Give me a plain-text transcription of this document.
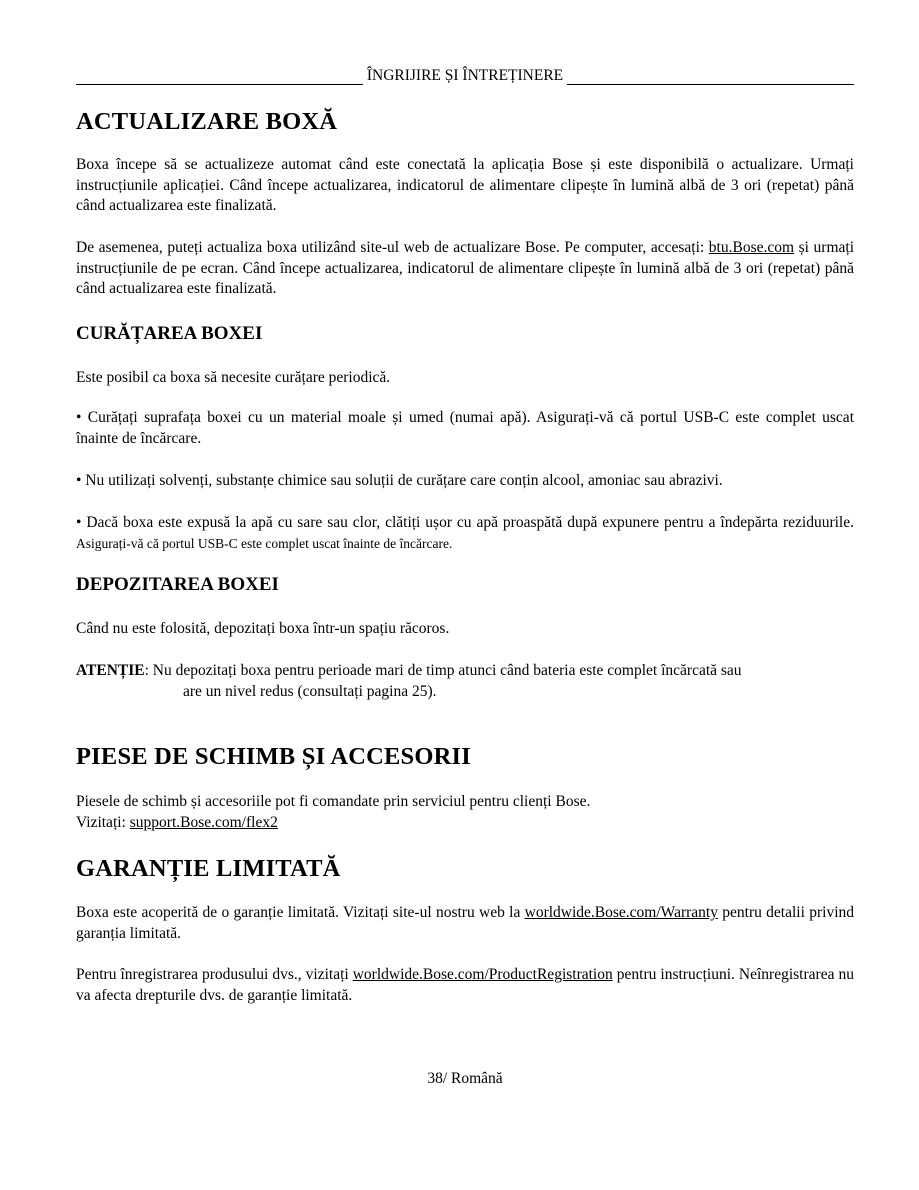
ÎNGRIJIRE ȘI ÎNTREȚINERE
ACTUALIZARE BOXĂ

Boxa începe să se actualizeze automat când este conectată la aplicația Bose și este disponibilă o actualizare. Urmați instrucțiunile aplicației. Când începe actualizarea, indicatorul de alimentare clipește în lumină albă de 3 ori (repetat) până când actualizarea este finalizată.

De asemenea, puteți actualiza boxa utilizând site-ul web de actualizare Bose. Pe computer, accesați: btu.Bose.com și urmați instrucțiunile de pe ecran. Când începe actualizarea, indicatorul de alimentare clipește în lumină albă de 3 ori (repetat) până când actualizarea este finalizată.

CURĂȚAREA BOXEI

Este posibil ca boxa să necesite curățare periodică.

• Curățați suprafața boxei cu un material moale și umed (numai apă). Asigurați-vă că portul USB-C este complet uscat înainte de încărcare.

• Nu utilizați solvenți, substanțe chimice sau soluții de curățare care conțin alcool, amoniac sau abrazivi.

• Dacă boxa este expusă la apă cu sare sau clor, clătiți ușor cu apă proaspătă după expunere pentru a îndepărta reziduurile. Asigurați-vă că portul USB-C este complet uscat înainte de încărcare.

DEPOZITAREA BOXEI

Când nu este folosită, depozitați boxa într-un spațiu răcoros.

ATENȚIE: Nu depozitați boxa pentru perioade mari de timp atunci când bateria este complet încărcată sau
are un nivel redus (consultați pagina 25).
PIESE DE SCHIMB ȘI ACCESORII

Piesele de schimb și accesoriile pot fi comandate prin serviciul pentru clienți Bose.
Vizitați: support.Bose.com/flex2

GARANȚIE LIMITATĂ

Boxa este acoperită de o garanție limitată. Vizitați site-ul nostru web la worldwide.Bose.com/Warranty pentru detalii privind garanția limitată.

Pentru înregistrarea produsului dvs., vizitați worldwide.Bose.com/ProductRegistration pentru instrucțiuni. Neînregistrarea nu va afecta drepturile dvs. de garanție limitată.

38/ Română
